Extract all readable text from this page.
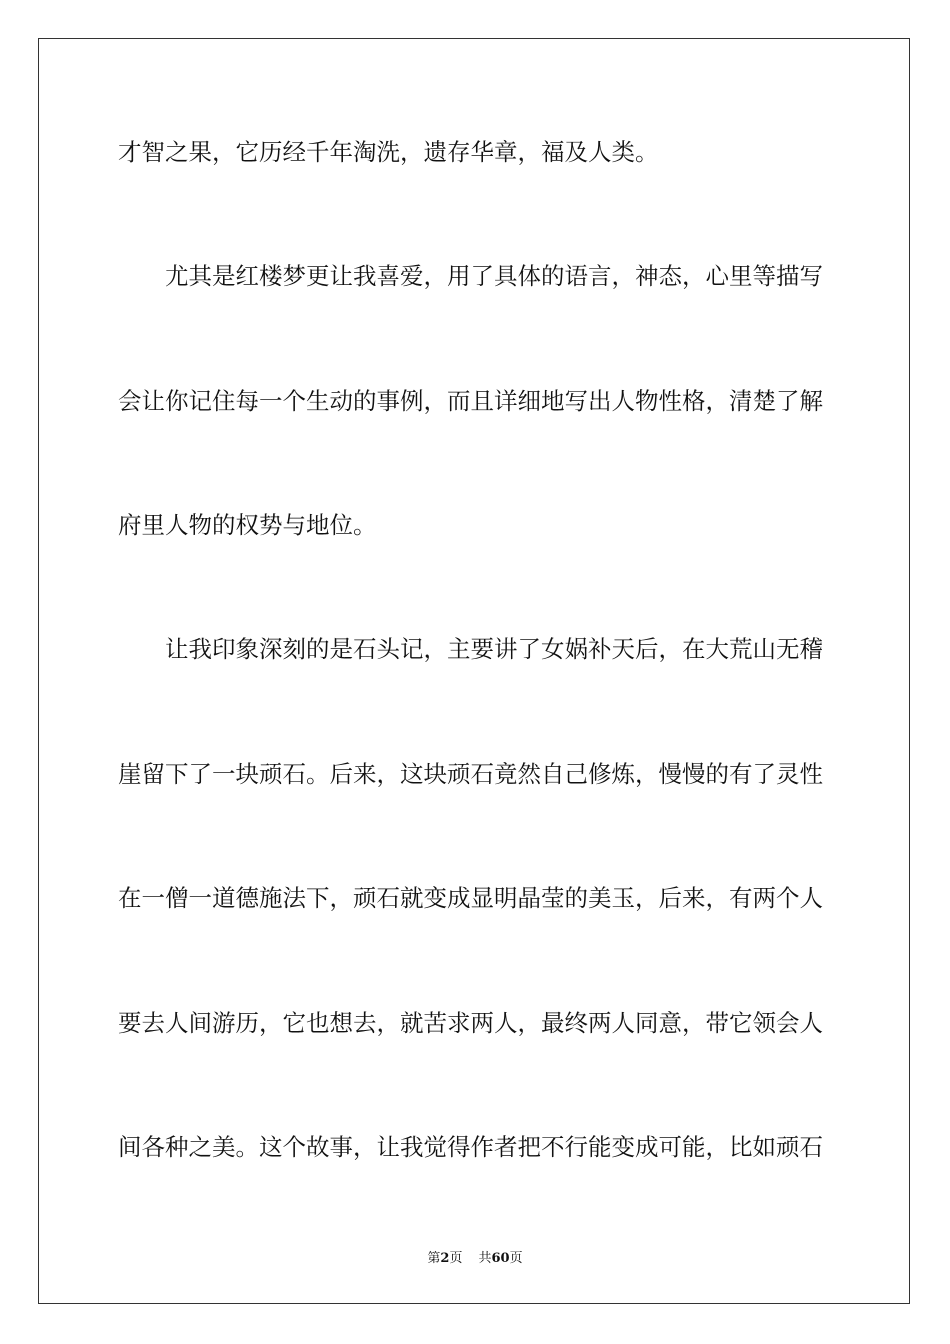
才智之果，它历经千年淘洗，遗存华章，福及人类。
尤其是红楼梦更让我喜爱，用了具体的语言，神态，心里等描写
会让你记住每一个生动的事例，而且详细地写出人物性格，清楚了解
府里人物的权势与地位。
让我印象深刻的是石头记，主要讲了女娲补天后，在大荒山无稽
崖留下了一块顽石。后来，这块顽石竟然自己修炼，慢慢的有了灵性
在一僧一道德施法下，顽石就变成显明晶莹的美玉，后来，有两个人
要去人间游历，它也想去，就苦求两人，最终两人同意，带它领会人
间各种之美。这个故事，让我觉得作者把不行能变成可能，比如顽石
第2页 共60页
